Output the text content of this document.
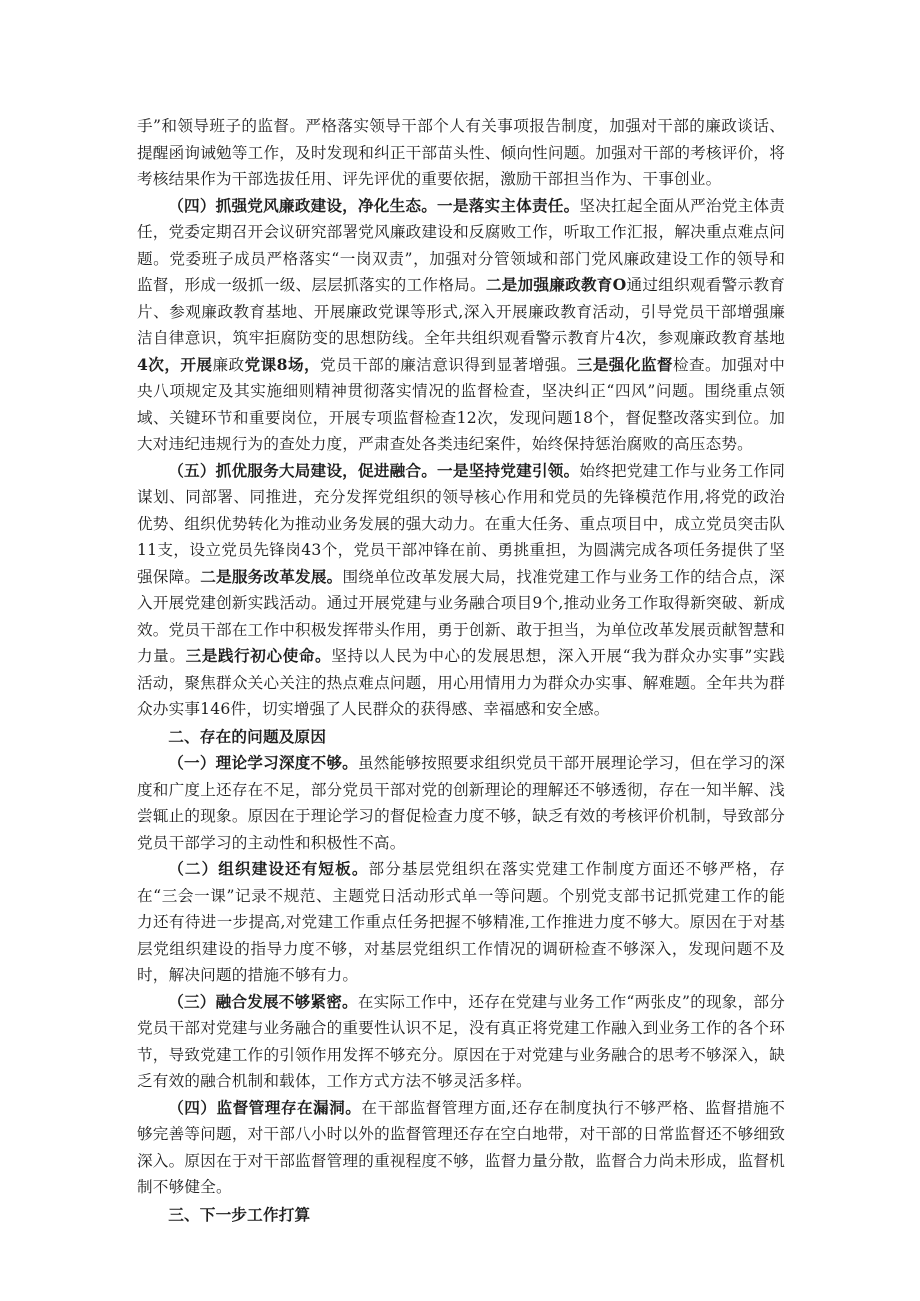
手”和领导班子的监督。严格落实领导干部个人有关事项报告制度，加强对干部的廉政谈话、提醒函询诫勉等工作，及时发现和纠正干部苗头性、倾向性问题。加强对干部的考核评价，将考核结果作为干部选拔任用、评先评优的重要依据，激励干部担当作为、干事创业。

（四）抓强党风廉政建设，净化生态。一是落实主体责任。坚决扛起全面从严治党主体责任，党委定期召开会议研究部署党风廉政建设和反腐败工作，听取工作汇报，解决重点难点问题。党委班子成员严格落实“一岗双责”，加强对分管领域和部门党风廉政建设工作的领导和监督，形成一级抓一级、层层抓落实的工作格局。二是加强廉政教育O通过组织观看警示教育片、参观廉政教育基地、开展廉政党课等形式,深入开展廉政教育活动，引导党员干部增强廉洁自律意识，筑牢拒腐防变的思想防线。全年共组织观看警示教育片4次，参观廉政教育基地4次，开展廉政党课8场，党员干部的廉洁意识得到显著增强。三是强化监督检查。加强对中央八项规定及其实施细则精神贯彻落实情况的监督检查，坚决纠正“四风”问题。围绕重点领域、关键环节和重要岗位，开展专项监督检查12次，发现问题18个，督促整改落实到位。加大对违纪违规行为的查处力度，严肃查处各类违纪案件，始终保持惩治腐败的高压态势。

（五）抓优服务大局建设，促进融合。一是坚持党建引领。始终把党建工作与业务工作同谋划、同部署、同推进，充分发挥党组织的领导核心作用和党员的先锋模范作用,将党的政治优势、组织优势转化为推动业务发展的强大动力。在重大任务、重点项目中，成立党员突击队11支，设立党员先锋岗43个，党员干部冲锋在前、勇挑重担，为圆满完成各项任务提供了坚强保障。二是服务改革发展。围绕单位改革发展大局，找准党建工作与业务工作的结合点，深入开展党建创新实践活动。通过开展党建与业务融合项目9个,推动业务工作取得新突破、新成效。党员干部在工作中积极发挥带头作用，勇于创新、敢于担当，为单位改革发展贡献智慧和力量。三是践行初心使命。坚持以人民为中心的发展思想，深入开展“我为群众办实事”实践活动，聚焦群众关心关注的热点难点问题，用心用情用力为群众办实事、解难题。全年共为群众办实事146件，切实增强了人民群众的获得感、幸福感和安全感。

二、存在的问题及原因

（一）理论学习深度不够。虽然能够按照要求组织党员干部开展理论学习，但在学习的深度和广度上还存在不足，部分党员干部对党的创新理论的理解还不够透彻，存在一知半解、浅尝辄止的现象。原因在于理论学习的督促检查力度不够，缺乏有效的考核评价机制，导致部分党员干部学习的主动性和积极性不高。

（二）组织建设还有短板。部分基层党组织在落实党建工作制度方面还不够严格，存在“三会一课”记录不规范、主题党日活动形式单一等问题。个别党支部书记抓党建工作的能力还有待进一步提高,对党建工作重点任务把握不够精准,工作推进力度不够大。原因在于对基层党组织建设的指导力度不够，对基层党组织工作情况的调研检查不够深入，发现问题不及时，解决问题的措施不够有力。

（三）融合发展不够紧密。在实际工作中，还存在党建与业务工作“两张皮”的现象，部分党员干部对党建与业务融合的重要性认识不足，没有真正将党建工作融入到业务工作的各个环节，导致党建工作的引领作用发挥不够充分。原因在于对党建与业务融合的思考不够深入，缺乏有效的融合机制和载体，工作方式方法不够灵活多样。

（四）监督管理存在漏洞。在干部监督管理方面,还存在制度执行不够严格、监督措施不够完善等问题，对干部八小时以外的监督管理还存在空白地带，对干部的日常监督还不够细致深入。原因在于对干部监督管理的重视程度不够，监督力量分散，监督合力尚未形成，监督机制不够健全。

三、下一步工作打算
